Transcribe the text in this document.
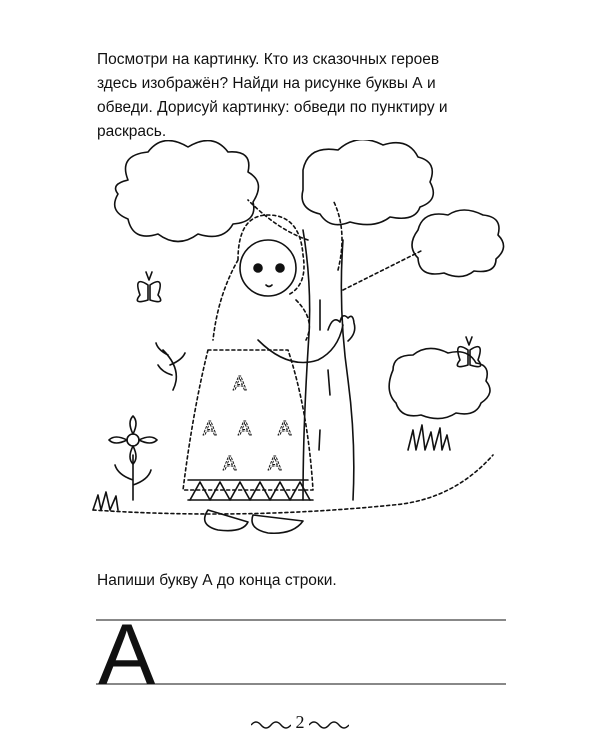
Посмотри на картинку. Кто из сказочных героев
здесь изображён? Найди на рисунке буквы А и
обведи. Дорисуй картинку: обведи по пунктиру и
раскрась.
A
A A A
A A
Напиши букву А до конца строки.
A
2
